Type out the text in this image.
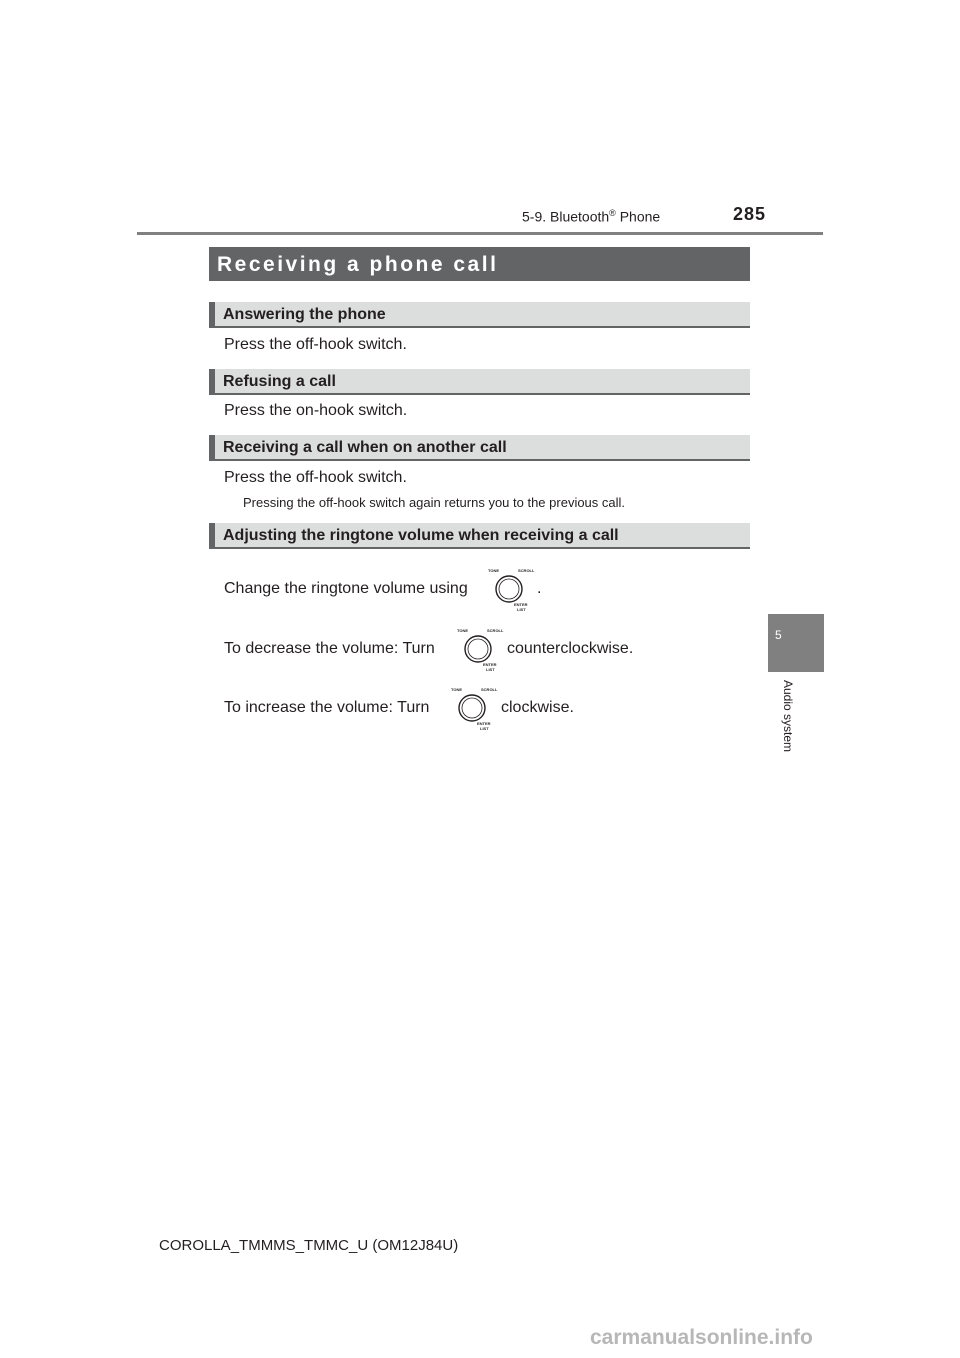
5-9. Bluetooth® Phone	285
Receiving a phone call
Answering the phone
Press the off-hook switch.
Refusing a call
Press the on-hook switch.
Receiving a call when on another call
Press the off-hook switch.
Pressing the off-hook switch again returns you to the previous call.
Adjusting the ringtone volume when receiving a call
Change the ringtone volume using
TONE	SCROLL
ENTER
LIST
.
To decrease the volume: Turn
TONE	SCROLL
ENTER
LIST
counterclockwise.
To increase the volume: Turn
TONE	SCROLL
ENTER
LIST
clockwise.
5
Audio system
COROLLA_TMMMS_TMMC_U (OM12J84U)
carmanualsonline.info
